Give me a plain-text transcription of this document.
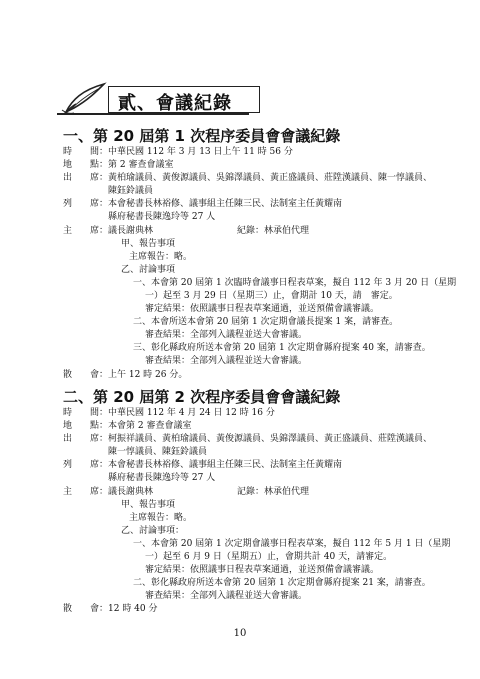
貳、會議紀錄
一、第 20 屆第 1 次程序委員會會議紀錄
時　　間： 中華民國 112 年 3 月 13 日上午 11 時 56 分
地　　點： 第 2 審查會議室
出　　席： 黃柏瑜議員、黃俊源議員、吳錦澤議員、黃正盛議員、莊陞漢議員、陳一惇議員、
陳鈺鈴議員
列　　席： 本會秘書長林裕修、議事組主任陳三民、法制室主任黃耀南
縣府秘書長陳逸玲等 27 人
主　　席： 議長謝典林	紀錄：林承伯代理
甲、報告事項
主席報告：略。
乙、討論事項
一、本會第 20 屆第 1 次臨時會議事日程表草案，擬自 112 年 3 月 20 日（星期
一）起至 3 月 29 日（星期三）止，會期計 10 天，請　審定。
審定結果：依照議事日程表草案通過，並送預備會議審議。
二、本會所送本會第 20 屆第 1 次定期會議長提案 1 案，請審查。
審查結果：全部列入議程並送大會審議。
三、彰化縣政府所送本會第 20 屆第 1 次定期會縣府提案 40 案，請審查。
審查結果：全部列入議程並送大會審議。
散　　會： 上午 12 時 26 分。
二、第 20 屆第 2 次程序委員會會議紀錄
時　　間： 中華民國 112 年 4 月 24 日 12 時 16 分
地　　點： 本會第 2 審查會議室
出　　席： 柯振祥議員、黃柏瑜議員、黃俊源議員、吳錦澤議員、黃正盛議員、莊陞漢議員、
陳一惇議員、陳鈺鈴議員
列　　席： 本會秘書長林裕修、議事組主任陳三民、法制室主任黃耀南
縣府秘書長陳逸玲等 27 人
主　　席： 議長謝典林	記錄：林承伯代理
甲、報告事項
主席報告：略。
乙、討論事項：
一、本會第 20 屆第 1 次定期會議事日程表草案，擬自 112 年 5 月 1 日（星期
一）起至 6 月 9 日（星期五）止，會期共計 40 天，請審定。
審定結果：依照議事日程表草案通過，並送預備會議審議。
二、彰化縣政府所送本會第 20 屆第 1 次定期會縣府提案 21 案，請審查。
審查結果：全部列入議程並送大會審議。
散　　會： 12 時 40 分
10
